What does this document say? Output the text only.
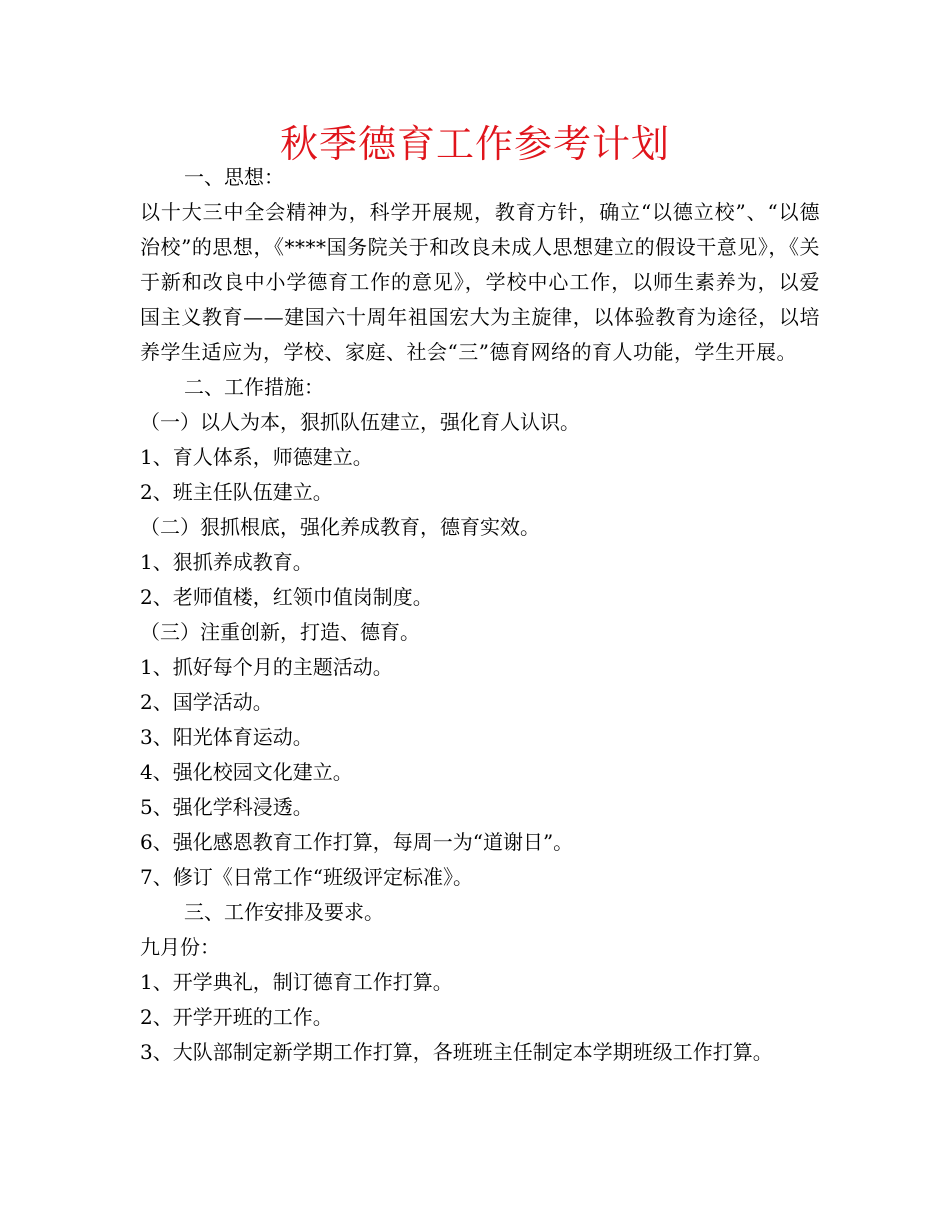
秋季德育工作参考计划
一、思想：
以十大三中全会精神为，科学开展规，教育方针，确立“以德立校”、“以德治校”的思想，《****国务院关于和改良未成人思想建立的假设干意见》，《关于新和改良中小学德育工作的意见》，学校中心工作，以师生素养为，以爱国主义教育——建国六十周年祖国宏大为主旋律，以体验教育为途径，以培养学生适应为，学校、家庭、社会“三”德育网络的育人功能，学生开展。
二、工作措施：
（一）以人为本，狠抓队伍建立，强化育人认识。
1、育人体系，师德建立。
2、班主任队伍建立。
（二）狠抓根底，强化养成教育，德育实效。
1、狠抓养成教育。
2、老师值楼，红领巾值岗制度。
（三）注重创新，打造、德育。
1、抓好每个月的主题活动。
2、国学活动。
3、阳光体育运动。
4、强化校园文化建立。
5、强化学科浸透。
6、强化感恩教育工作打算，每周一为“道谢日”。
7、修订《日常工作“班级评定标准》。
三、工作安排及要求。
九月份：
1、开学典礼，制订德育工作打算。
2、开学开班的工作。
3、大队部制定新学期工作打算，各班班主任制定本学期班级工作打算。
